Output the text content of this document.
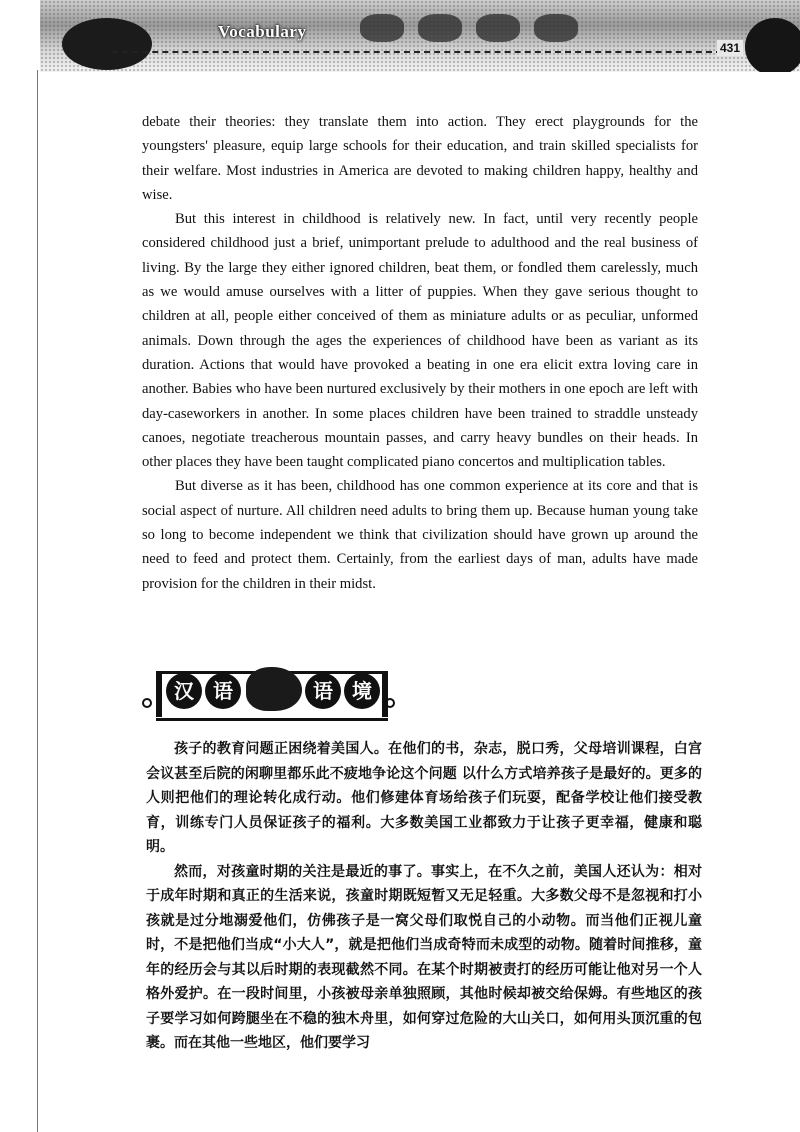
Vocabulary
431

debate their theories: they translate them into action. They erect playgrounds for the youngsters' pleasure, equip large schools for their education, and train skilled specialists for their welfare. Most industries in America are devoted to making children happy, healthy and wise.

But this interest in childhood is relatively new. In fact, until very recently people considered childhood just a brief, unimportant prelude to adulthood and the real business of living. By the large they either ignored children, beat them, or fondled them carelessly, much as we would amuse ourselves with a litter of puppies. When they gave serious thought to children at all, people either conceived of them as miniature adults or as peculiar, unformed animals. Down through the ages the experiences of childhood have been as variant as its duration. Actions that would have provoked a beating in one era elicit extra loving care in another. Babies who have been nurtured exclusively by their mothers in one epoch are left with day-caseworkers in another. In some places children have been trained to straddle unsteady canoes, negotiate treacherous mountain passes, and carry heavy bundles on their heads. In other places they have been taught complicated piano concertos and multiplication tables.

But diverse as it has been, childhood has one common experience at its core and that is social aspect of nurture. All children need adults to bring them up. Because human young take so long to become independent we think that civilization should have grown up around the need to feed and protect them. Certainly, from the earliest days of man, adults have made provision for the children in their midst.

汉 语	语 境

孩子的教育问题正困绕着美国人。在他们的书，杂志，脱口秀，父母培训课程，白宫会议甚至后院的闲聊里都乐此不疲地争论这个问题 以什么方式培养孩子是最好的。更多的人则把他们的理论转化成行动。他们修建体育场给孩子们玩耍，配备学校让他们接受教育，训练专门人员保证孩子的福利。大多数美国工业都致力于让孩子更幸福，健康和聪明。

然而，对孩童时期的关注是最近的事了。事实上，在不久之前，美国人还认为：相对于成年时期和真正的生活来说，孩童时期既短暂又无足轻重。大多数父母不是忽视和打小孩就是过分地溺爱他们，仿佛孩子是一窝父母们取悦自己的小动物。而当他们正视儿童时，不是把他们当成“小大人”，就是把他们当成奇特而未成型的动物。随着时间推移，童年的经历会与其以后时期的表现截然不同。在某个时期被责打的经历可能让他对另一个人格外爱护。在一段时间里，小孩被母亲单独照顾，其他时候却被交给保姆。有些地区的孩子要学习如何跨腿坐在不稳的独木舟里，如何穿过危险的大山关口，如何用头顶沉重的包裹。而在其他一些地区，他们要学习
